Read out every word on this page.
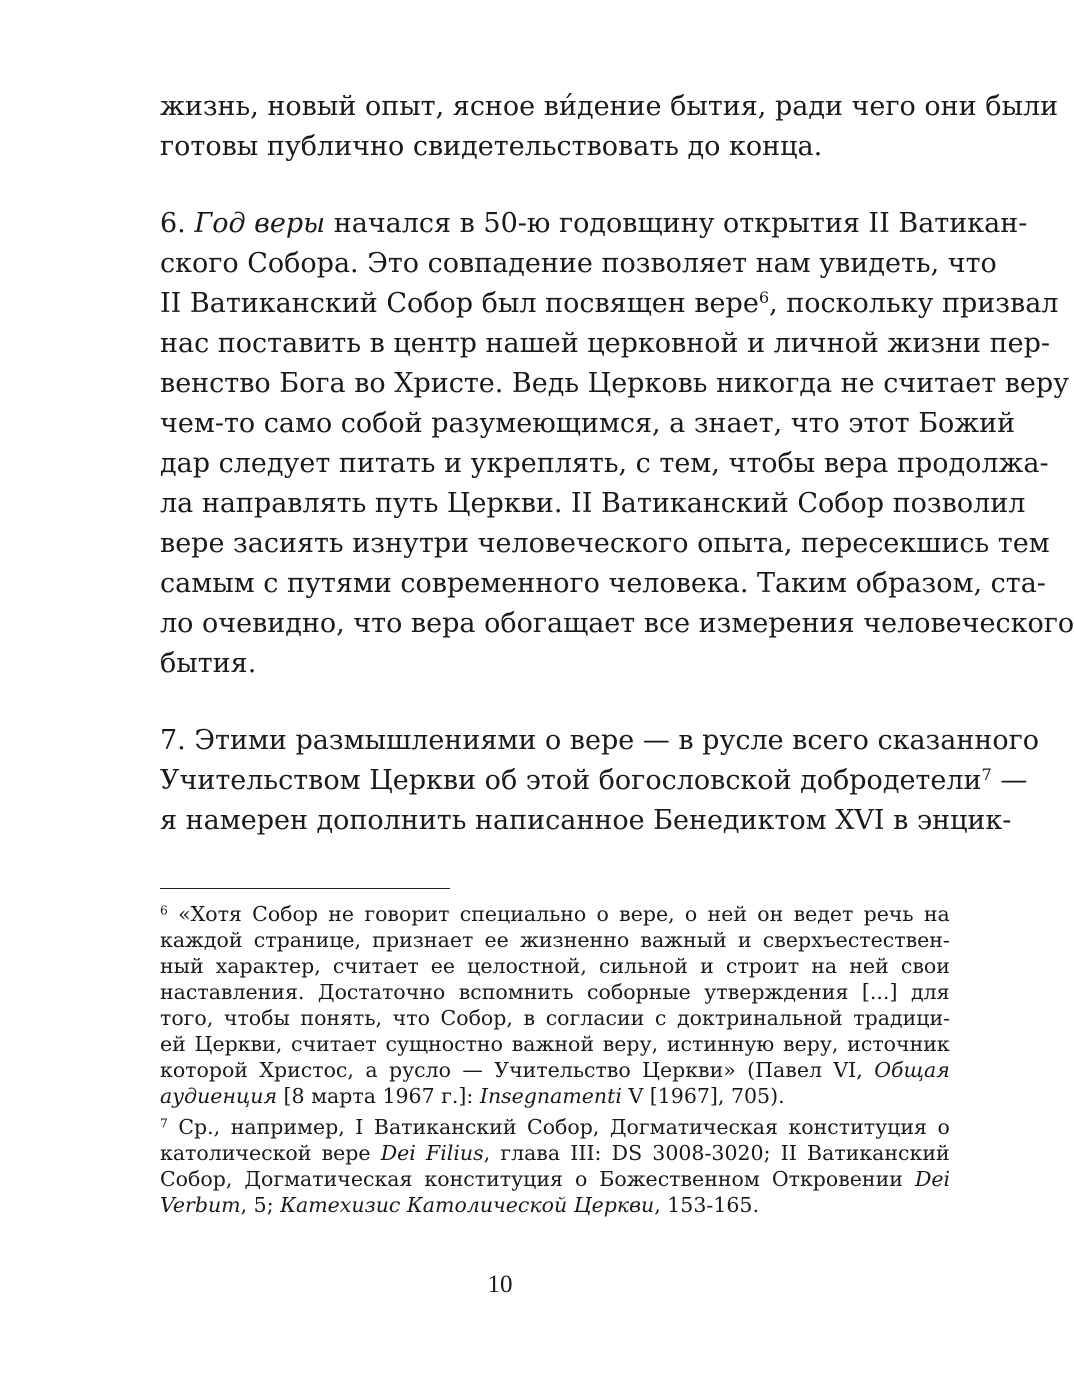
жизнь, новый опыт, ясное ви́дение бытия, ради чего они были

готовы публично свидетельствовать до конца.

6. Год веры начался в 50-ю годовщину открытия II Ватикан-

ского Собора. Это совпадение позволяет нам увидеть, что

II Ватиканский Собор был посвящен вере$^6$, поскольку призвал

нас поставить в центр нашей церковной и личной жизни пер-

венство Бога во Христе. Ведь Церковь никогда не считает веру

чем-то само собой разумеющимся, а знает, что этот Божий

дар следует питать и укреплять, с тем, чтобы вера продолжа-

ла направлять путь Церкви. II Ватиканский Собор позволил

вере засиять изнутри человеческого опыта, пересекшись тем

самым с путями современного человека. Таким образом, ста-

ло очевидно, что вера обогащает все измерения человеческого

бытия.

7. Этими размышлениями о вере — в русле всего сказанного

Учительством Церкви об этой богословской добродетели$^7$ —

я намерен дополнить написанное Бенедиктом XVI в энцик-

$^6$ «Хотя Собор не говорит специально о вере, о ней он ведет речь на

каждой странице, признает ее жизненно важный и сверхъестествен-

ный характер, считает ее целостной, сильной и строит на ней свои

наставления. Достаточно вспомнить соборные утверждения [...] для

того, чтобы понять, что Собор, в согласии с доктринальной традици-

ей Церкви, считает сущностно важной веру, истинную веру, источник

которой Христос, а русло — Учительство Церкви» (Павел VI, Общая

аудиенция [8 марта 1967 г.]: Insegnamenti V [1967], 705).

$^7$ Ср., например, I Ватиканский Собор, Догматическая конституция о

католической вере Dei Filius, глава III: DS 3008-3020; II Ватиканский

Собор, Догматическая конституция о Божественном Откровении Dei

Verbum, 5; Катехизис Католической Церкви, 153-165.

10
